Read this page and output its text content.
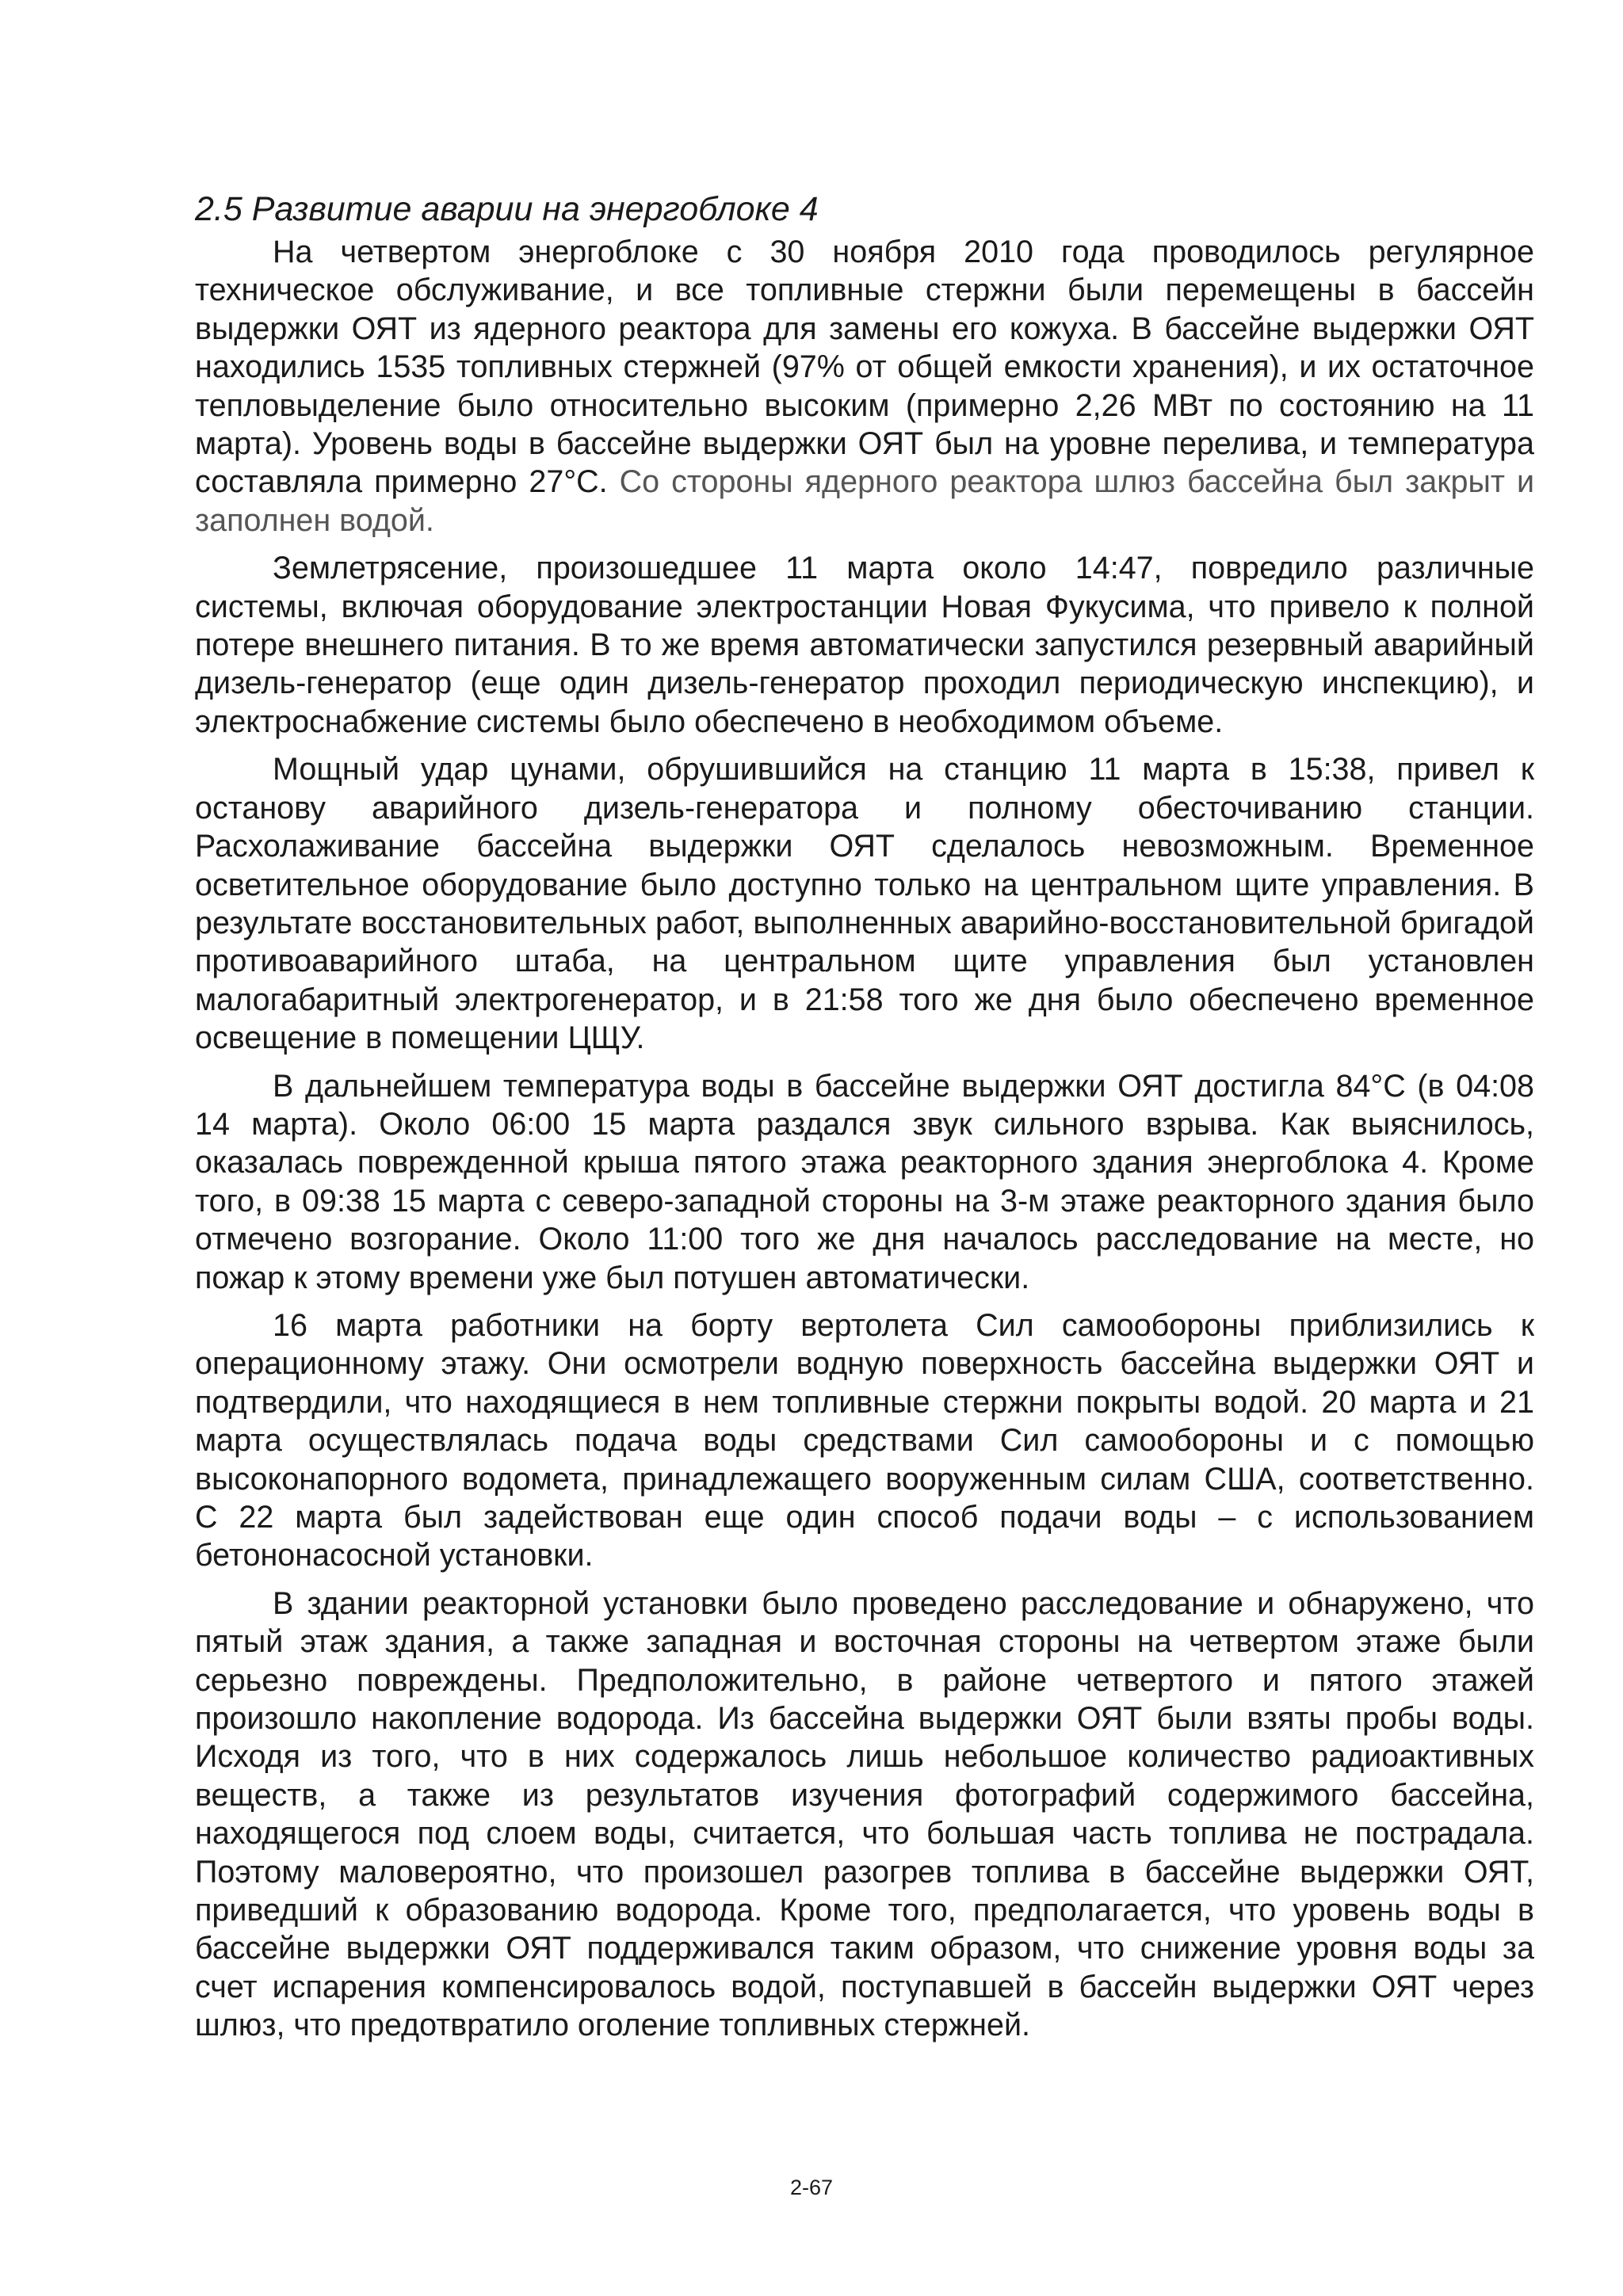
2.5 Развитие аварии на энергоблоке 4

На четвертом энергоблоке с 30 ноября 2010 года проводилось регулярное техническое обслуживание, и все топливные стержни были перемещены в бассейн выдержки ОЯТ из ядерного реактора для замены его кожуха. В бассейне выдержки ОЯТ находились 1535 топливных стержней (97% от общей емкости хранения), и их остаточное тепловыделение было относительно высоким (примерно 2,26 МВт по состоянию на 11 марта). Уровень воды в бассейне выдержки ОЯТ был на уровне перелива, и температура составляла примерно 27°С. Со стороны ядерного реактора шлюз бассейна был закрыт и заполнен водой.

Землетрясение, произошедшее 11 марта около 14:47, повредило различные системы, включая оборудование электростанции Новая Фукусима, что привело к полной потере внешнего питания. В то же время автоматически запустился резервный аварийный дизель-генератор (еще один дизель-генератор проходил периодическую инспекцию), и электроснабжение системы было обеспечено в необходимом объеме.

Мощный удар цунами, обрушившийся на станцию 11 марта в 15:38, привел к останову аварийного дизель-генератора и полному обесточиванию станции. Расхолаживание бассейна выдержки ОЯТ сделалось невозможным. Временное осветительное оборудование было доступно только на центральном щите управления. В результате восстановительных работ, выполненных аварийно-восстановительной бригадой противоаварийного штаба, на центральном щите управления был установлен малогабаритный электрогенератор, и в 21:58 того же дня было обеспечено временное освещение в помещении ЦЩУ.

В дальнейшем температура воды в бассейне выдержки ОЯТ достигла 84°С (в 04:08 14 марта). Около 06:00 15 марта раздался звук сильного взрыва. Как выяснилось, оказалась поврежденной крыша пятого этажа реакторного здания энергоблока 4. Кроме того, в 09:38 15 марта с северо-западной стороны на 3-м этаже реакторного здания было отмечено возгорание. Около 11:00 того же дня началось расследование на месте, но пожар к этому времени уже был потушен автоматически.

16 марта работники на борту вертолета Сил самообороны приблизились к операционному этажу. Они осмотрели водную поверхность бассейна выдержки ОЯТ и подтвердили, что находящиеся в нем топливные стержни покрыты водой. 20 марта и 21 марта осуществлялась подача воды средствами Сил самообороны и с помощью высоконапорного водомета, принадлежащего вооруженным силам США, соответственно. С 22 марта был задействован еще один способ подачи воды – с использованием бетононасосной установки.

В здании реакторной установки было проведено расследование и обнаружено, что пятый этаж здания, а также западная и восточная стороны на четвертом этаже были серьезно повреждены. Предположительно, в районе четвертого и пятого этажей произошло накопление водорода. Из бассейна выдержки ОЯТ были взяты пробы воды. Исходя из того, что в них содержалось лишь небольшое количество радиоактивных веществ, а также из результатов изучения фотографий содержимого бассейна, находящегося под слоем воды, считается, что большая часть топлива не пострадала. Поэтому маловероятно, что произошел разогрев топлива в бассейне выдержки ОЯТ, приведший к образованию водорода. Кроме того, предполагается, что уровень воды в бассейне выдержки ОЯТ поддерживался таким образом, что снижение уровня воды за счет испарения компенсировалось водой, поступавшей в бассейн выдержки ОЯТ через шлюз, что предотвратило оголение топливных стержней.

2-67
